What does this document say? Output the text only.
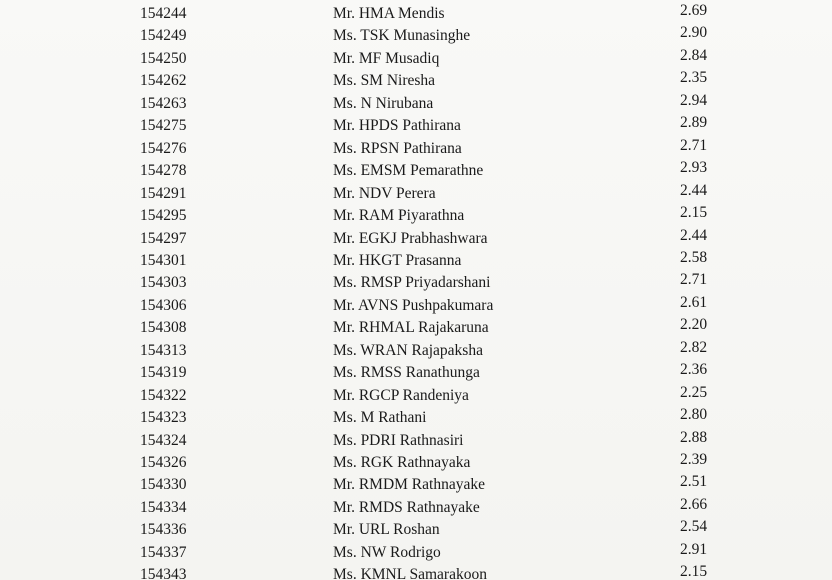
154244	Mr. HMA Mendis	2.69
154249	Ms. TSK Munasinghe	2.90
154250	Mr. MF Musadiq	2.84
154262	Ms. SM Niresha	2.35
154263	Ms. N Nirubana	2.94
154275	Mr. HPDS Pathirana	2.89
154276	Ms. RPSN Pathirana	2.71
154278	Ms. EMSM Pemarathne	2.93
154291	Mr. NDV Perera	2.44
154295	Mr. RAM Piyarathna	2.15
154297	Mr. EGKJ Prabhashwara	2.44
154301	Mr. HKGT Prasanna	2.58
154303	Ms. RMSP Priyadarshani	2.71
154306	Mr. AVNS Pushpakumara	2.61
154308	Mr. RHMAL Rajakaruna	2.20
154313	Ms. WRAN Rajapaksha	2.82
154319	Ms. RMSS Ranathunga	2.36
154322	Mr. RGCP Randeniya	2.25
154323	Ms. M Rathani	2.80
154324	Ms. PDRI Rathnasiri	2.88
154326	Ms. RGK Rathnayaka	2.39
154330	Mr. RMDM Rathnayake	2.51
154334	Mr. RMDS Rathnayake	2.66
154336	Mr. URL Roshan	2.54
154337	Ms. NW Rodrigo	2.91
154343	Ms. KMNL Samarakoon	2.15
